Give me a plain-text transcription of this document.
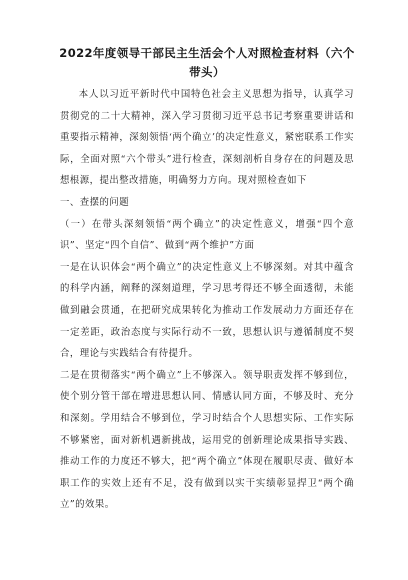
2022年度领导干部民主生活会个人对照检查材料（六个带头）

本人以习近平新时代中国特色社会主义思想为指导，认真学习贯彻党的二十大精神，深入学习贯彻习近平总书记考察重要讲话和重要指示精神，深刻领悟‘两个确立’的决定性意义，紧密联系工作实际，全面对照“六个带头”进行检查，深刻剖析自身存在的问题及思想根源，提出整改措施，明确努力方向。现对照检查如下

一、查摆的问题

（一）在带头深刻领悟“两个确立”的决定性意义，增强“四个意识”、坚定“四个自信”、做到“两个维护”方面

一是在认识体会“两个确立”的决定性意义上不够深刻。对其中蕴含的科学内涵，阐释的深刻道理，学习思考得还不够全面透彻，未能做到融会贯通，在把研究成果转化为推动工作发展动力方面还存在一定差距，政治态度与实际行动不一致，思想认识与遵循制度不契合，理论与实践结合有待提升。

二是在贯彻落实“两个确立”上不够深入。领导职责发挥不够到位，使个别分管干部在增进思想认同、情感认同方面，不够及时、充分和深刻。学用结合不够到位，学习时结合个人思想实际、工作实际不够紧密，面对新机遇新挑战，运用党的创新理论成果指导实践、推动工作的力度还不够大，把“两个确立”体现在履职尽责、做好本职工作的实效上还有不足，没有做到以实干实绩彰显捍卫“两个确立”的效果。
